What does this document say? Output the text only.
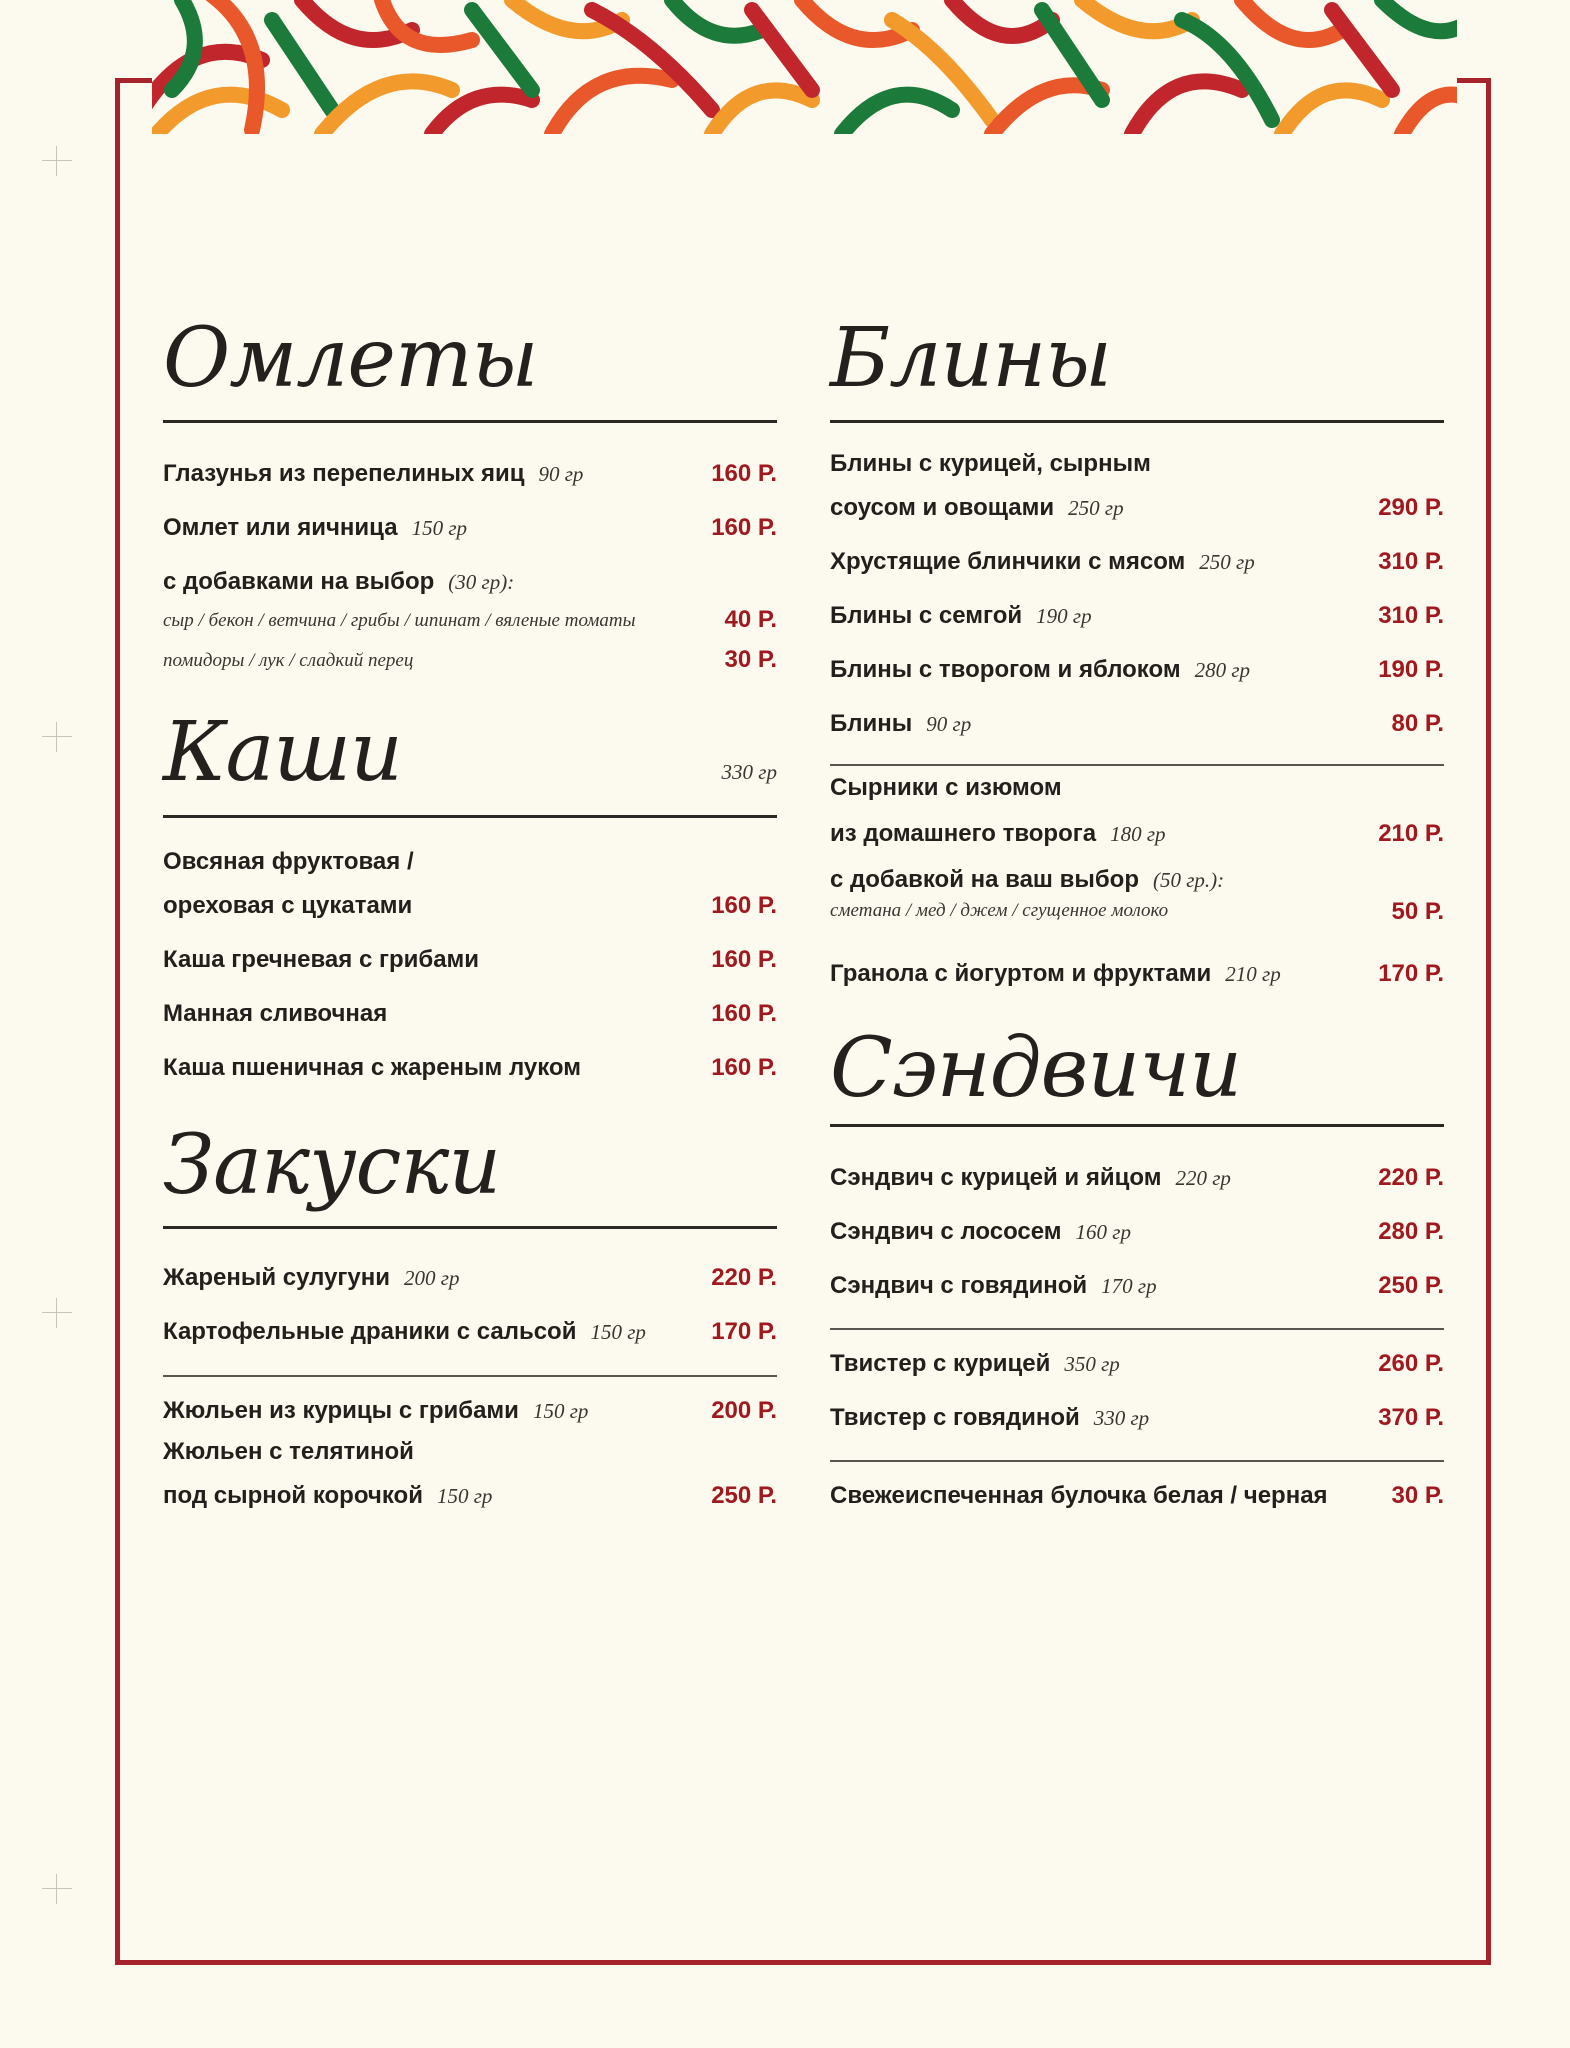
Омлеты
Глазунья из перепелиных яиц 90 гр	160 Р.
Омлет или яичница 150 гр	160 Р.
с добавками на выбор (30 гр):
сыр / бекон / ветчина / грибы / шпинат / вяленые томаты	40 Р.
помидоры / лук / сладкий перец	30 Р.
Каши	330 гр
Овсяная фруктовая /
ореховая с цукатами	160 Р.
Каша гречневая с грибами	160 Р.
Манная сливочная	160 Р.
Каша пшеничная с жареным луком	160 Р.
Закуски
Жареный сулугуни 200 гр	220 Р.
Картофельные драники с сальсой 150 гр	170 Р.
Жюльен из курицы с грибами 150 гр	200 Р.
Жюльен с телятиной
под сырной корочкой 150 гр	250 Р.
Блины
Блины с курицей, сырным
соусом и овощами 250 гр	290 Р.
Хрустящие блинчики с мясом 250 гр	310 Р.
Блины с семгой 190 гр	310 Р.
Блины с творогом и яблоком 280 гр	190 Р.
Блины 90 гр	80 Р.
Сырники с изюмом
из домашнего творога 180 гр	210 Р.
с добавкой на ваш выбор (50 гр.):
сметана / мед / джем / сгущенное молоко	50 Р.
Гранола с йогуртом и фруктами 210 гр	170 Р.
Сэндвичи
Сэндвич с курицей и яйцом 220 гр	220 Р.
Сэндвич с лососем 160 гр	280 Р.
Сэндвич с говядиной 170 гр	250 Р.
Твистер с курицей 350 гр	260 Р.
Твистер с говядиной 330 гр	370 Р.
Свежеиспеченная булочка белая / черная	30 Р.
